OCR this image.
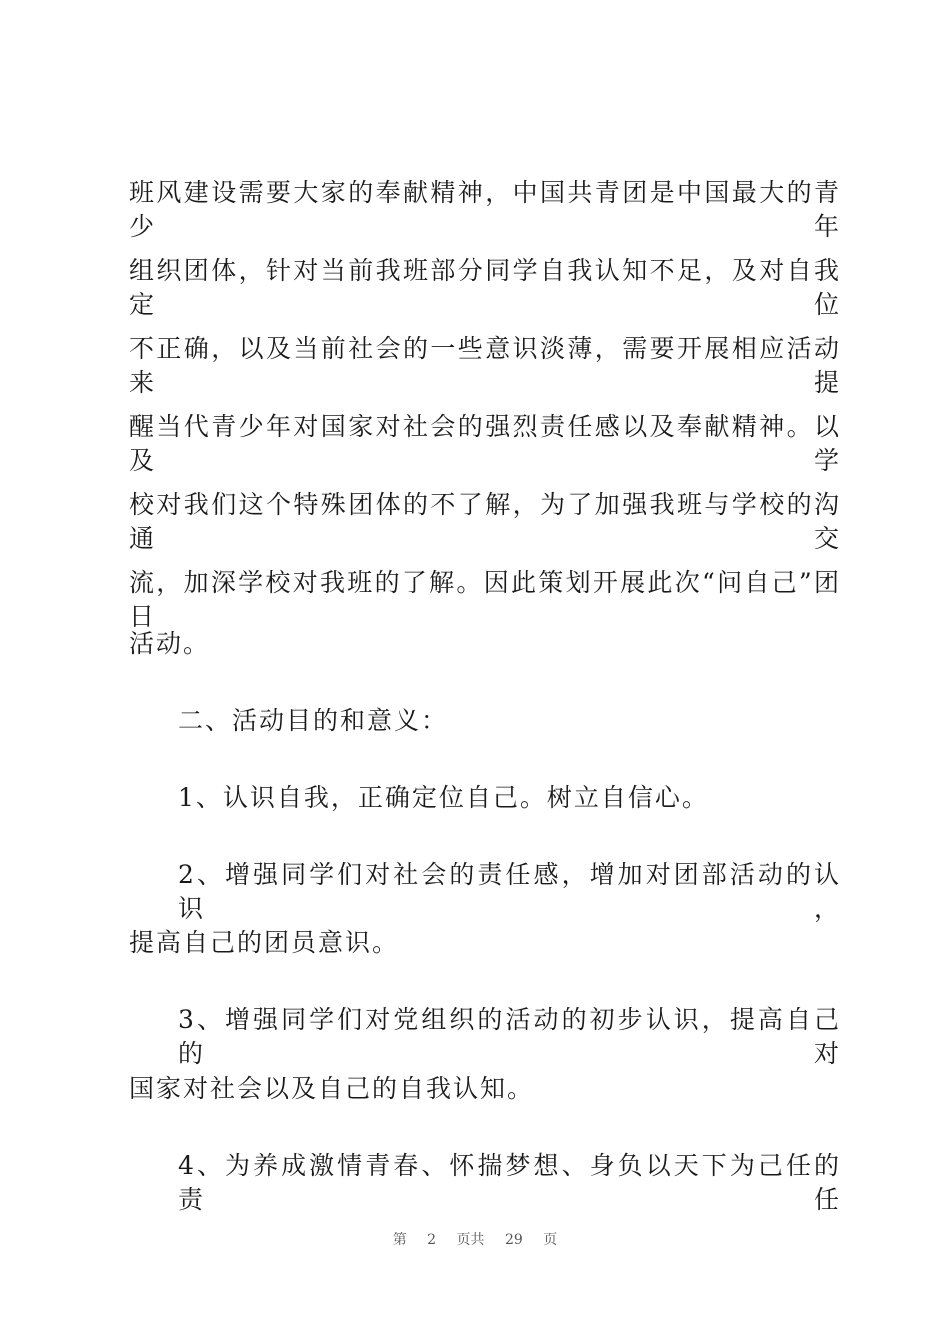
班风建设需要大家的奉献精神，中国共青团是中国最大的青少年
组织团体，针对当前我班部分同学自我认知不足，及对自我定位
不正确，以及当前社会的一些意识淡薄，需要开展相应活动来提
醒当代青少年对国家对社会的强烈责任感以及奉献精神。以及学
校对我们这个特殊团体的不了解，为了加强我班与学校的沟通交
流，加深学校对我班的了解。因此策划开展此次“问自己”团日
活动。
二、活动目的和意义：
1、认识自我，正确定位自己。树立自信心。
2、增强同学们对社会的责任感，增加对团部活动的认识，
提高自己的团员意识。
3、增强同学们对党组织的活动的初步认识，提高自己的对
国家对社会以及自己的自我认知。
4、为养成激情青春、怀揣梦想、身负以天下为己任的责任
第 2 页共 29 页
